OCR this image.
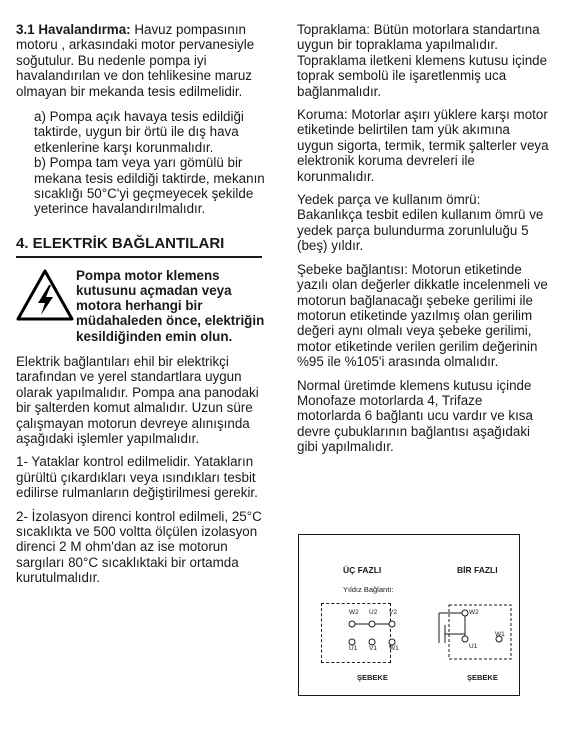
3.1 Havalandırma: Havuz pompasının motoru , arkasındaki motor pervanesiyle soğutulur. Bu nedenle pompa iyi havalandırılan ve don tehlikesine maruz olmayan bir mekanda tesis edilmelidir.

a) Pompa açık havaya tesis edildiği taktirde, uygun bir örtü ile dış hava etkenlerine karşı korunmalıdır.

b) Pompa tam veya yarı gömülü bir mekana tesis edildiği taktirde, mekanın sıcaklığı 50°C'yi geçmeyecek şekilde yeterince havalandırılmalıdır.

4. ELEKTRİK BAĞLANTILARI
Pompa motor klemens kutusunu açmadan veya motora herhangi bir müdahaleden önce, elektriğin kesildiğinden emin olun.

Elektrik bağlantıları ehil bir elektrikçi tarafından ve yerel standartlara uygun olarak yapılmalıdır. Pompa ana panodaki bir şalterden komut almalıdır. Uzun süre çalışmayan motorun devreye alınışında aşağıdaki işlemler yapılmalıdır.

1- Yataklar kontrol edilmelidir. Yatakların gürültü çıkardıkları veya ısındıkları tesbit edilirse rulmanların değiştirilmesi gerekir.

2- İzolasyon direnci kontrol edilmeli, 25°C sıcaklıkta ve 500 voltta ölçülen izolasyon direnci 2 M ohm'dan az ise motorun sargıları 80°C sıcaklıktaki bir ortamda kurutulmalıdır.

Topraklama: Bütün motorlara standartına uygun bir topraklama yapılmalıdır. Topraklama iletkeni klemens kutusu içinde toprak sembolü ile işaretlenmiş uca bağlanmalıdır.

Koruma: Motorlar aşırı yüklere karşı motor etiketinde belirtilen tam yük akımına uygun sigorta, termik, termik şalterler veya elektronik koruma devreleri ile korunmalıdır.

Yedek parça ve kullanım ömrü: Bakanlıkça tesbit edilen kullanım ömrü ve yedek parça bulundurma zorunluluğu 5 (beş) yıldır.

Şebeke bağlantısı: Motorun etiketinde yazılı olan değerler dikkatle incelenmeli ve motorun bağlanacağı şebeke gerilimi ile motorun etiketinde yazılmış olan gerilim değeri aynı olmalı veya şebeke gerilimi, motor etiketinde verilen gerilim değerinin %95 ile %105'i arasında olmalıdır.

Normal üretimde klemens kutusu içinde Monofaze motorlarda 4, Trifaze motorlarda 6 bağlantı ucu vardır ve kısa devre çubuklarının bağlantısı aşağıdaki gibi yapılmalıdır.

ÜÇ FAZLI	BİR FAZLI
Yıldız Bağlantı:
W2 U2 V2
U1 V1 W1
W2
U1
W1
ŞEBEKE	ŞEBEKE
